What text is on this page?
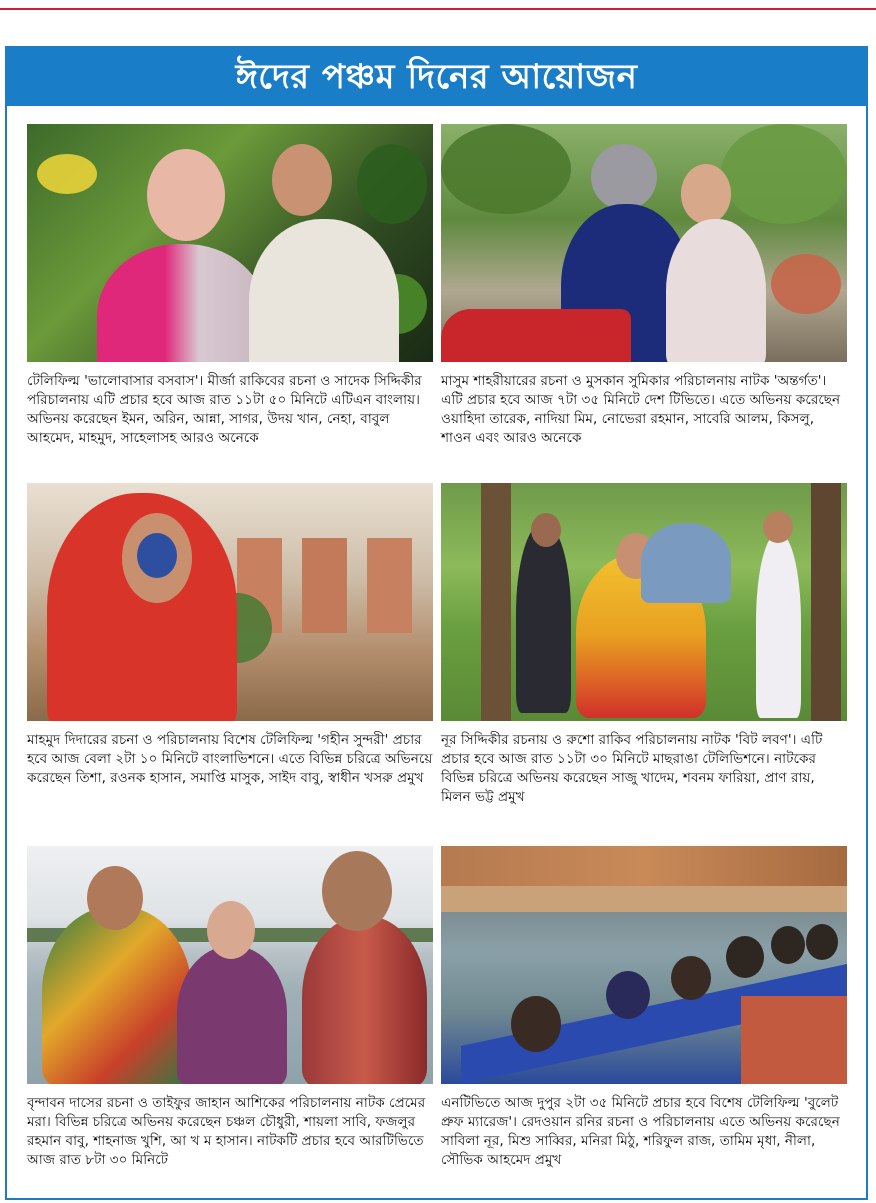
ঈদের পঞ্চম দিনের আয়োজন
টেলিফিল্ম 'ভালোবাসার বসবাস'। মীর্জা রাকিবের রচনা ও সাদেক সিদ্দিকীর পরিচালনায় এটি প্রচার হবে আজ রাত ১১টা ৫০ মিনিটে এটিএন বাংলায়। অভিনয় করেছেন ইমন, অরিন, আন্না, সাগর, উদয় খান, নেহা, বাবুল আহমেদ, মাহমুদ, সাহেলাসহ আরও অনেকে
মাসুম শাহরীয়ারের রচনা ও মুসকান সুমিকার পরিচালনায় নাটক 'অন্তর্গত'। এটি প্রচার হবে আজ ৭টা ৩৫ মিনিটে দেশ টিভিতে। এতে অভিনয় করেছেন ওয়াহিদা তারেক, নাদিয়া মিম, নোভেরা রহমান, সাবেরি আলম, কিসলু, শাওন এবং আরও অনেকে
মাহমুদ দিদারের রচনা ও পরিচালনায় বিশেষ টেলিফিল্ম 'গহীন সুন্দরী' প্রচার হবে আজ বেলা ২টা ১০ মিনিটে বাংলাভিশনে। এতে বিভিন্ন চরিত্রে অভিনয়ে করেছেন তিশা, রওনক হাসান, সমাপ্তি মাসুক, সাইদ বাবু, স্বাধীন খসরু প্রমুখ
নূর সিদ্দিকীর রচনায় ও রুশো রাকিব পরিচালনায় নাটক 'বিট লবণ'। এটি প্রচার হবে আজ রাত ১১টা ৩০ মিনিটে মাছরাঙা টেলিভিশনে। নাটকের বিভিন্ন চরিত্রে অভিনয় করেছেন সাজু খাদেম, শবনম ফারিয়া, প্রাণ রায়, মিলন ভট্ট প্রমুখ
বৃন্দাবন দাসের রচনা ও তাইফুর জাহান আশিকের পরিচালনায় নাটক প্রেমের মরা। বিভিন্ন চরিত্রে অভিনয় করেছেন চঞ্চল চৌধুরী, শায়লা সাবি, ফজলুর রহমান বাবু, শাহনাজ খুশি, আ খ ম হাসান। নাটকটি প্রচার হবে আরটিভিতে আজ রাত ৮টা ৩০ মিনিটে
এনটিভিতে আজ দুপুর ২টা ৩৫ মিনিটে প্রচার হবে বিশেষ টেলিফিল্ম 'বুলেট প্রুফ ম্যারেজ'। রেদওয়ান রনির রচনা ও পরিচালনায় এতে অভিনয় করেছেন সাবিলা নূর, মিশু সাব্বির, মনিরা মিঠু, শরিফুল রাজ, তামিম মৃধা, নীলা, সৌভিক আহমেদ প্রমুখ
